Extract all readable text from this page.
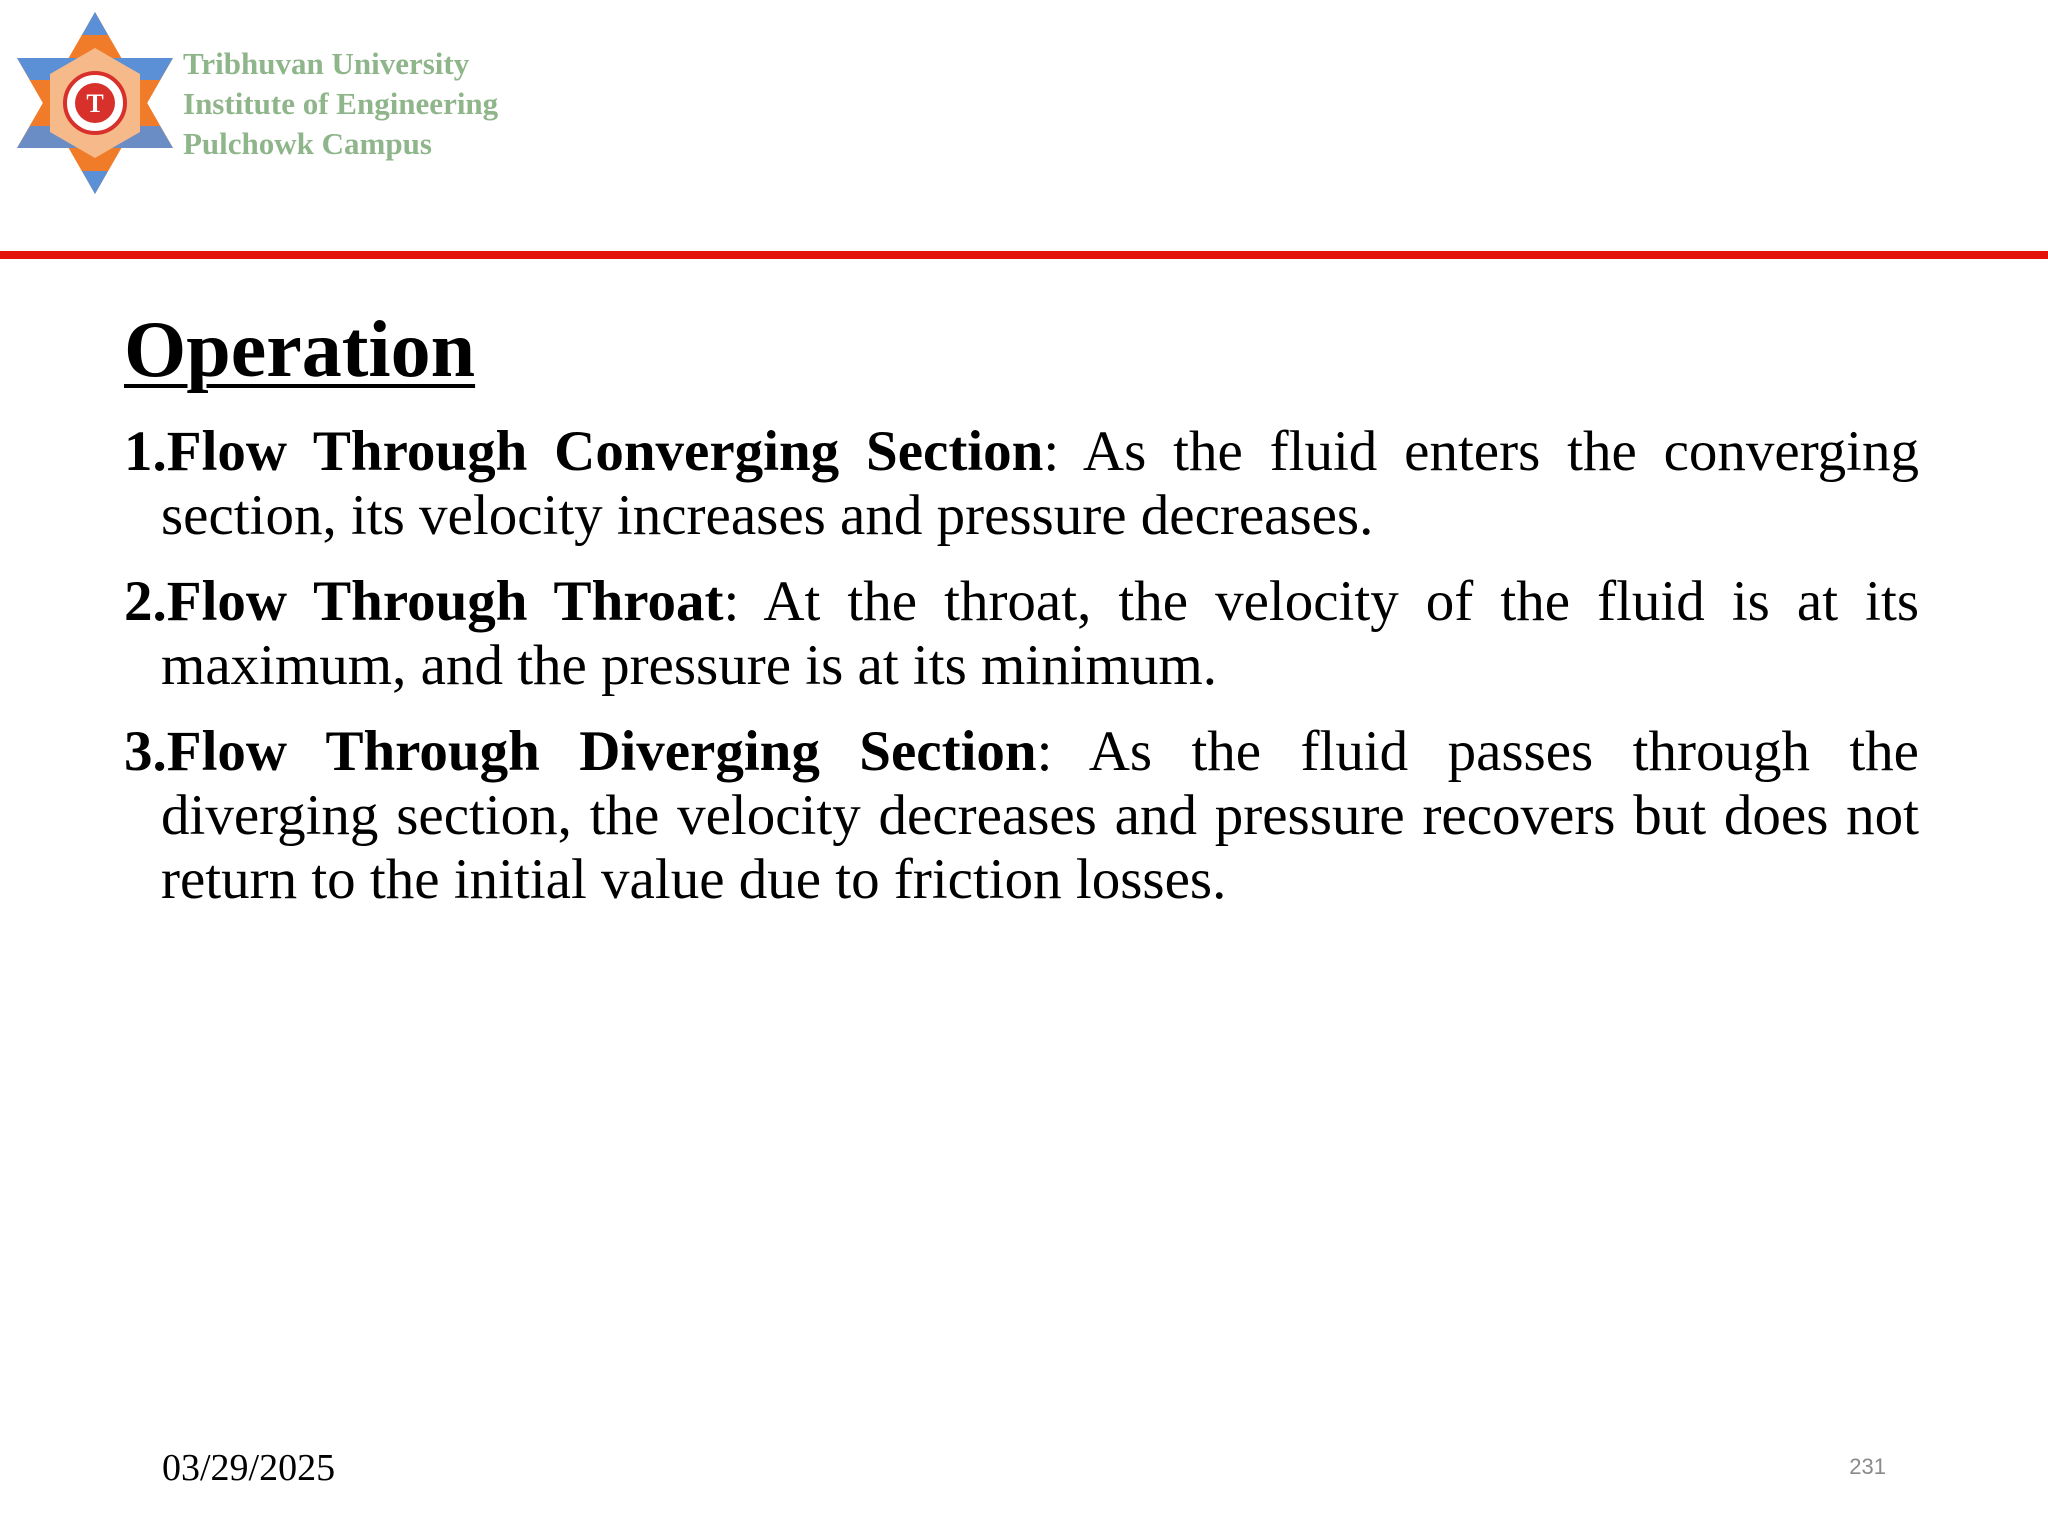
T
Tribhuvan University
Institute of Engineering
Pulchowk Campus
Operation
1.Flow Through Converging Section: As the fluid enters the converging section, its velocity increases and pressure decreases.
2.Flow Through Throat: At the throat, the velocity of the fluid is at its maximum, and the pressure is at its minimum.
3.Flow Through Diverging Section: As the fluid passes through the diverging section, the velocity decreases and pressure recovers but does not return to the initial value due to friction losses.
03/29/2025	231
